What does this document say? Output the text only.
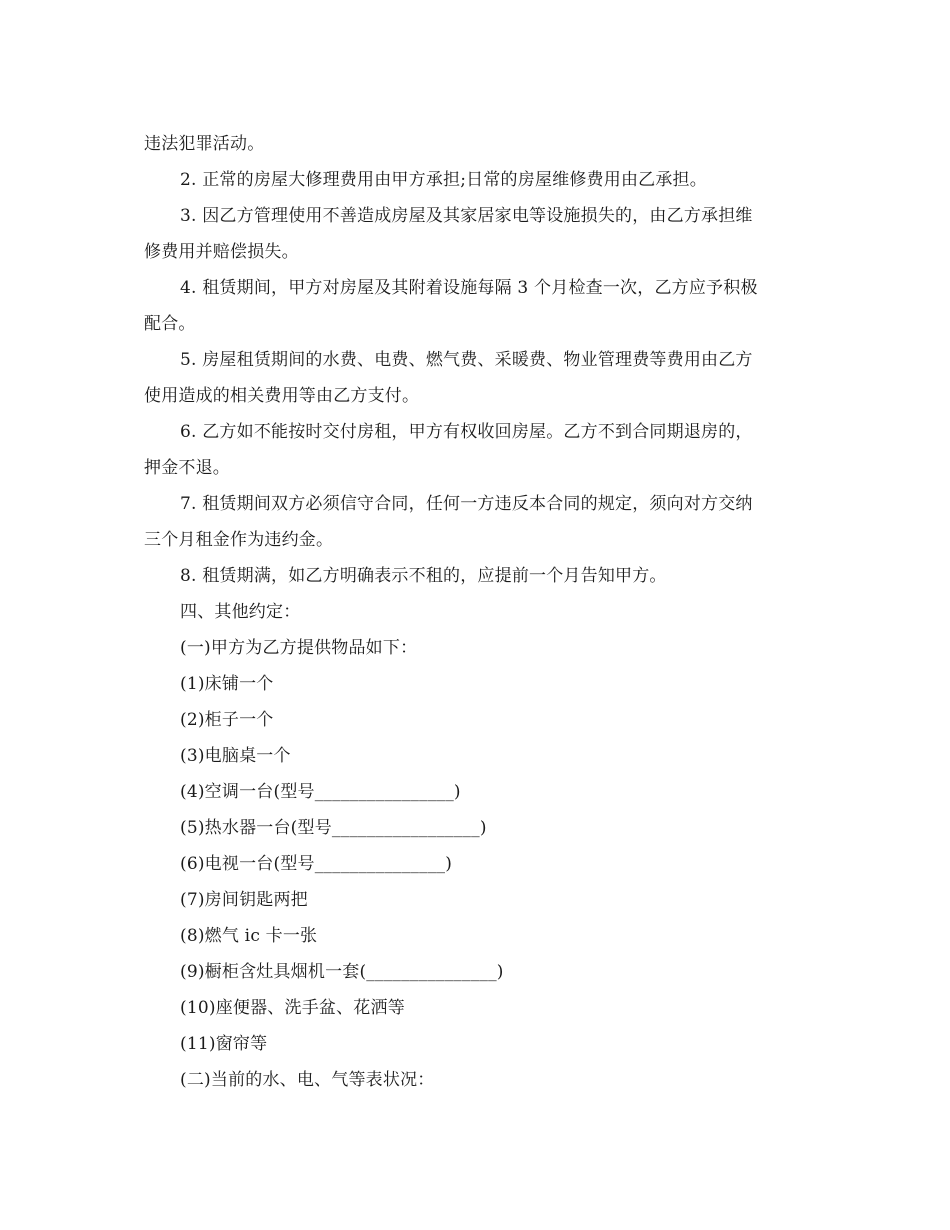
违法犯罪活动。
2. 正常的房屋大修理费用由甲方承担;日常的房屋维修费用由乙承担。
3. 因乙方管理使用不善造成房屋及其家居家电等设施损失的，由乙方承担维
修费用并赔偿损失。
4. 租赁期间，甲方对房屋及其附着设施每隔 3 个月检查一次，乙方应予积极
配合。
5. 房屋租赁期间的水费、电费、燃气费、采暖费、物业管理费等费用由乙方
使用造成的相关费用等由乙方支付。
6. 乙方如不能按时交付房租，甲方有权收回房屋。乙方不到合同期退房的，
押金不退。
7. 租赁期间双方必须信守合同，任何一方违反本合同的规定，须向对方交纳
三个月租金作为违约金。
8. 租赁期满，如乙方明确表示不租的，应提前一个月告知甲方。
四、其他约定：
(一)甲方为乙方提供物品如下：
(1)床铺一个
(2)柜子一个
(3)电脑桌一个
(4)空调一台(型号________________)
(5)热水器一台(型号_________________)
(6)电视一台(型号_______________)
(7)房间钥匙两把
(8)燃气 ic 卡一张
(9)橱柜含灶具烟机一套(_______________)
(10)座便器、洗手盆、花洒等
(11)窗帘等
(二)当前的水、电、气等表状况：
